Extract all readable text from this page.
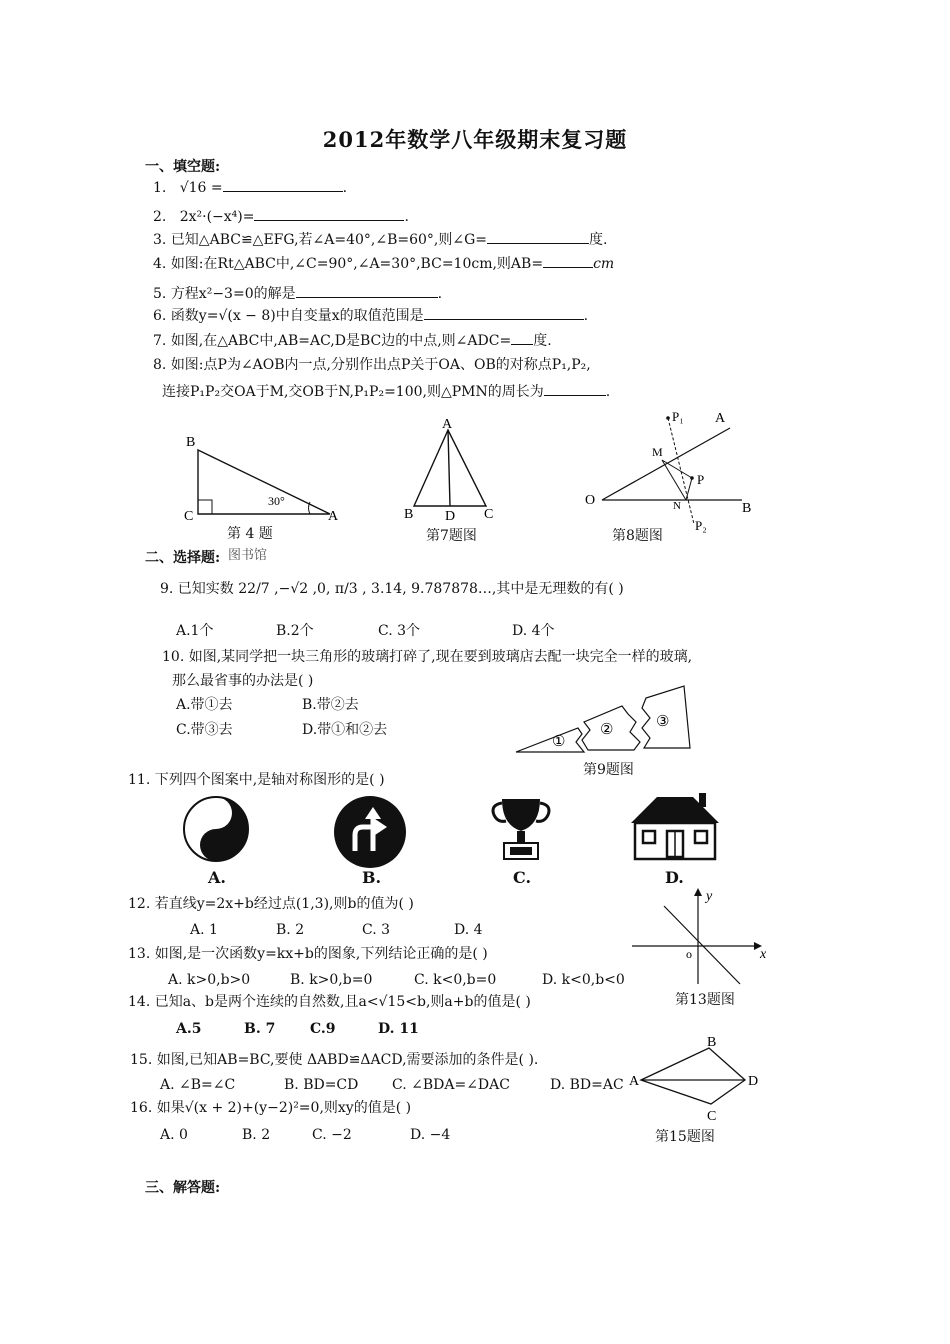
2012年数学八年级期末复习题
一、填空题:
1. √16 =	.
2. 2x²·(−x⁴)=	.
3. 已知△ABC≌△EFG,若∠A=40°,∠B=60°,则∠G=	度.
4. 如图:在Rt△ABC中,∠C=90°,∠A=30°,BC=10cm,则AB=	cm
5. 方程x²−3=0的解是	.
6. 函数y=√(x − 8)中自变量x的取值范围是	.
7. 如图,在△ABC中,AB=AC,D是BC边的中点,则∠ADC= 度.
8. 如图:点P为∠AOB内一点,分别作出点P关于OA、OB的对称点P₁,P₂,
连接P₁P₂交OA于M,交OB于N,P₁P₂=100,则△PMN的周长为	.
B
C	A
30°
第 4 题
图书馆
A
B D C
第7题图
P₁ A
M
P
O	N	B
P₂
第8题图
二、选择题:
9. 已知实数 22/7 ,−√2 ,0, π/3 , 3.14, 9.787878…,其中是无理数的有( )
A.1个	B.2个	C. 3个	D. 4个
10. 如图,某同学把一块三角形的玻璃打碎了,现在要到玻璃店去配一块完全一样的玻璃,
那么最省事的办法是( )
A.带①去	B.带②去
C.带③去	D.带①和②去
①
②	③
第9题图
11. 下列四个图案中,是轴对称图形的是( )
A.	B.	C.	D.
12. 若直线y=2x+b经过点(1,3),则b的值为( )
A. 1	B. 2	C. 3	D. 4
y
x
o
第13题图
13. 如图,是一次函数y=kx+b的图象,下列结论正确的是( )
A. k>0,b>0	B. k>0,b=0	C. k<0,b=0	D. k<0,b<0
14. 已知a、b是两个连续的自然数,且a<√15<b,则a+b的值是( )
A.5	B. 7 C.9	D. 11
B
A	D
C
15. 如图,已知AB=BC,要使 ΔABD≌ΔACD,需要添加的条件是( ).
A. ∠B=∠C	B. BD=CD C. ∠BDA=∠DAC	D. BD=AC
16. 如果√(x + 2)+(y−2)²=0,则xy的值是( )
A. 0	B. 2	C. −2	D. −4	第15题图
三、解答题:
